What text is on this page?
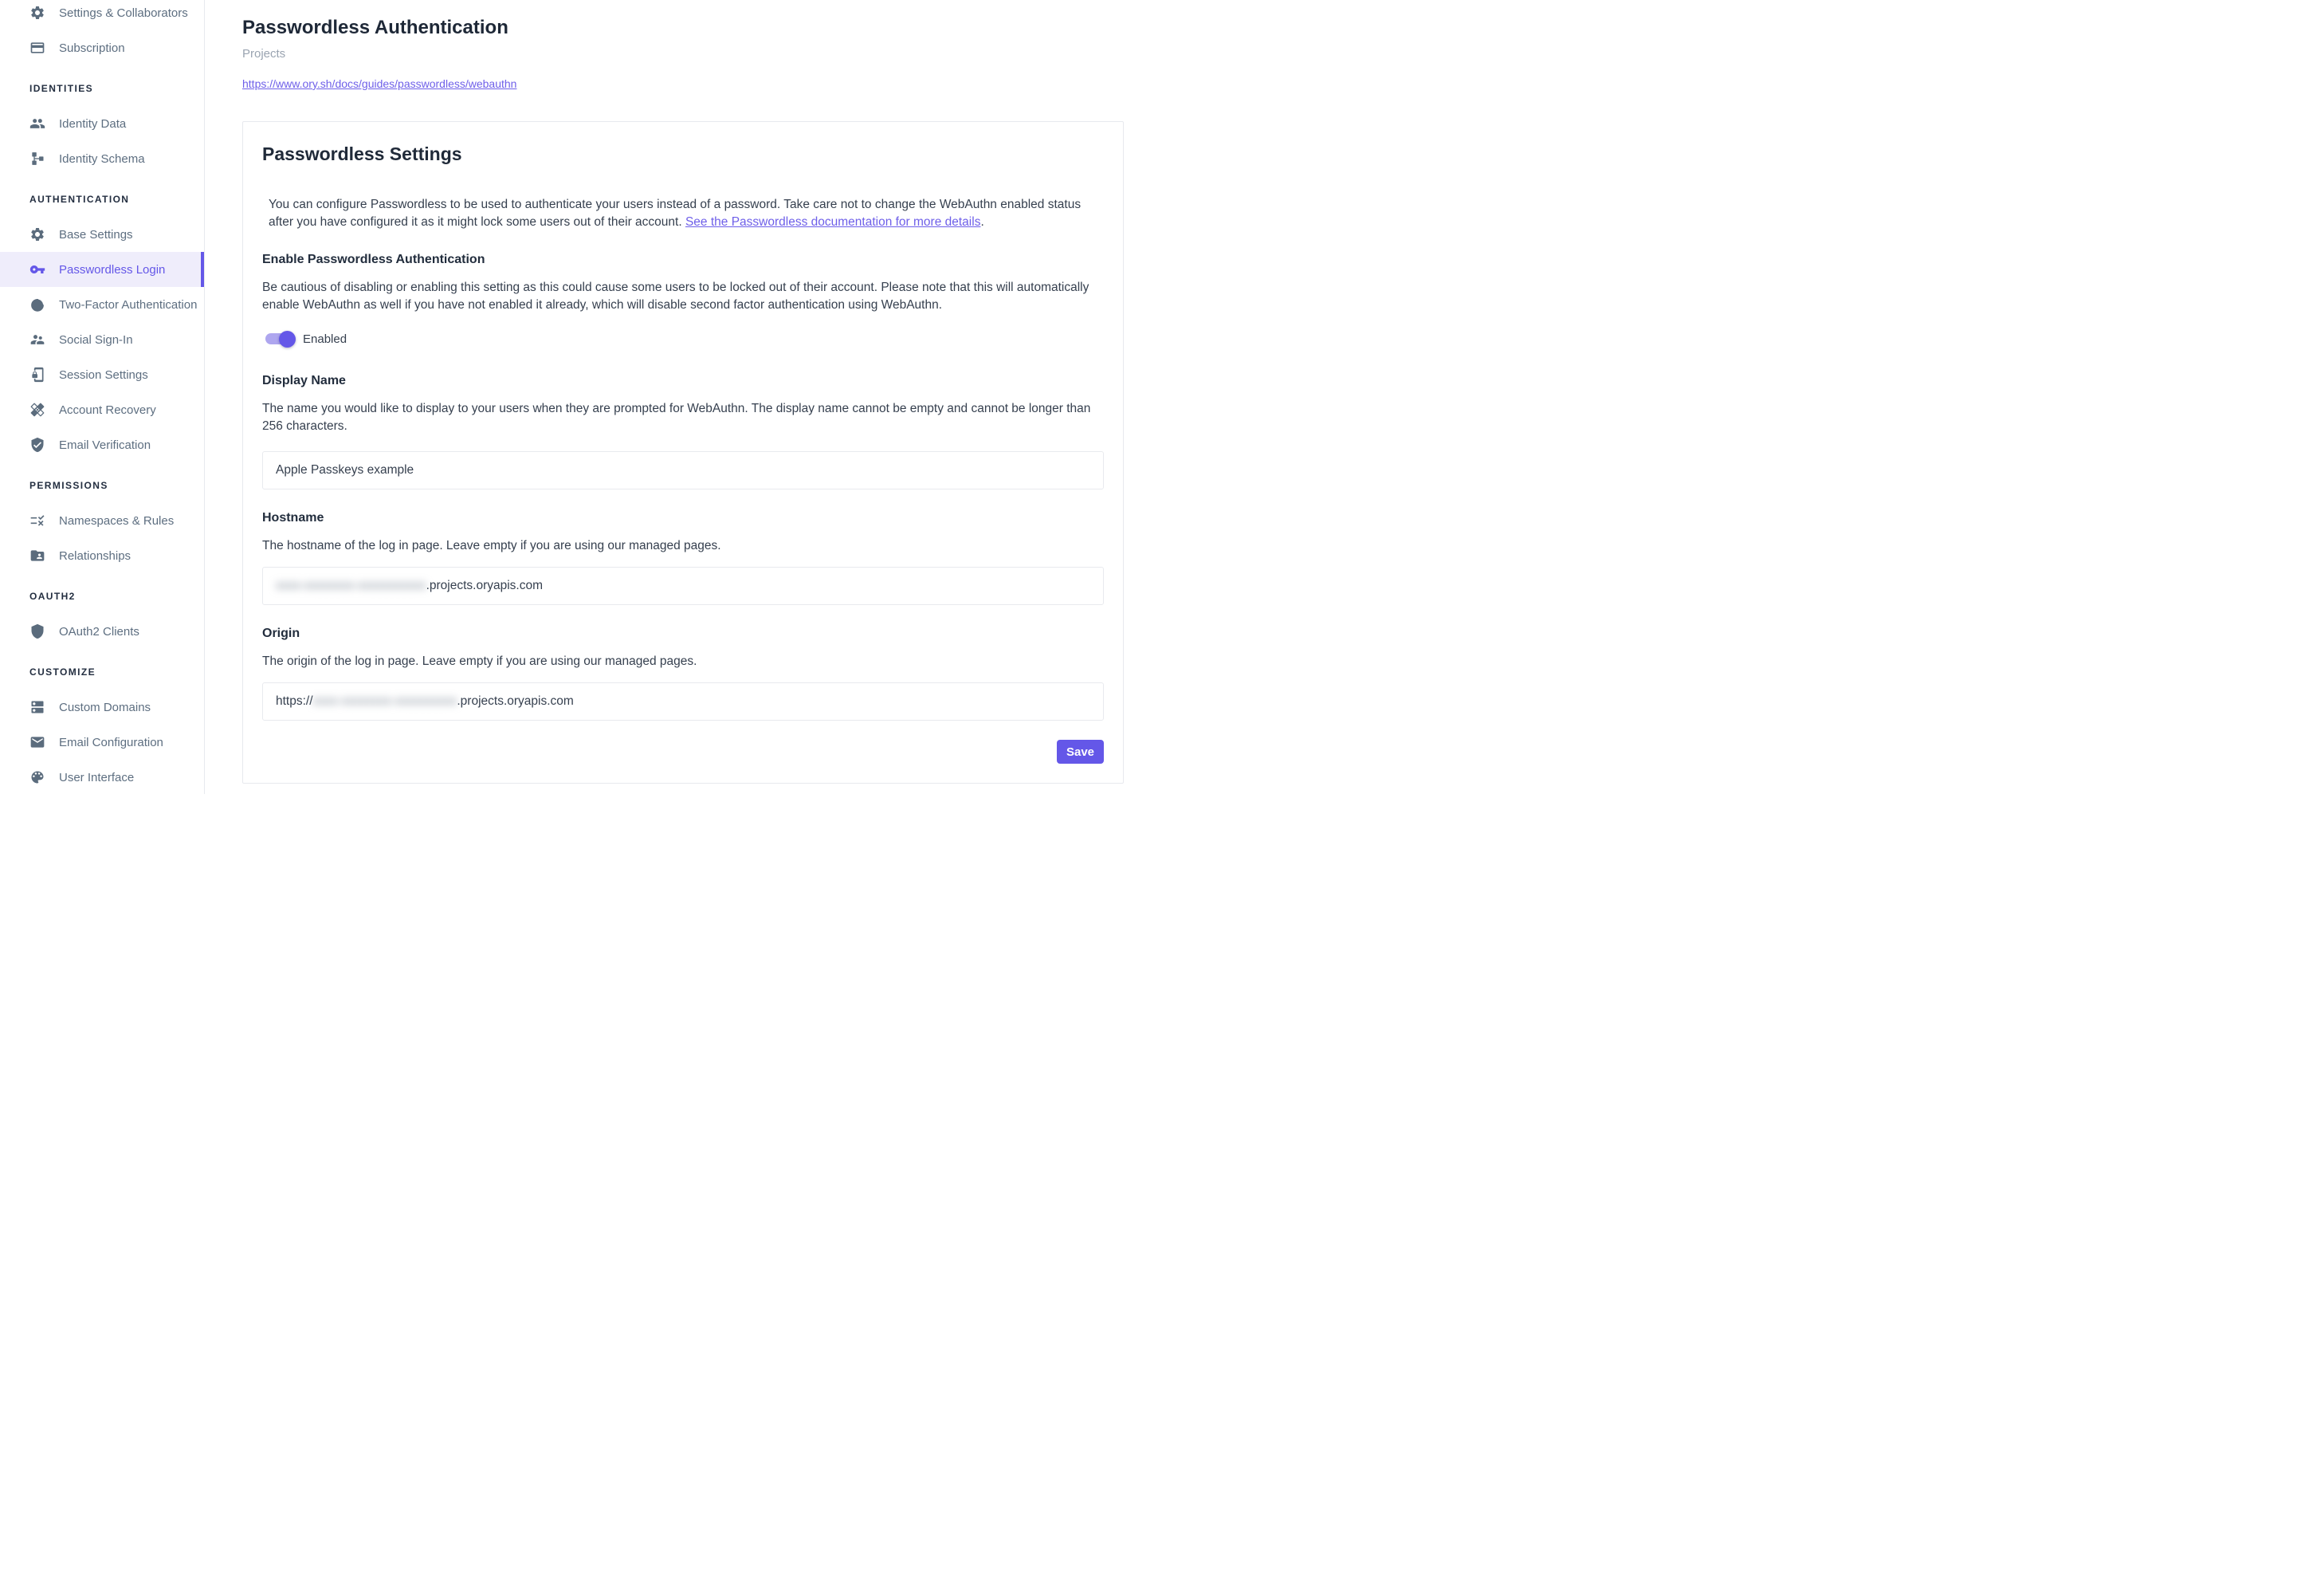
Settings & Collaborators
Subscription
IDENTITIES
Identity Data
Identity Schema
AUTHENTICATION
Base Settings
Passwordless Login
Two-Factor Authentication
Social Sign-In
Session Settings
Account Recovery
Email Verification
PERMISSIONS
Namespaces & Rules
Relationships
OAUTH2
OAuth2 Clients
CUSTOMIZE
Custom Domains
Email Configuration
User Interface
Passwordless Authentication
Projects
https://www.ory.sh/docs/guides/passwordless/webauthn
Passwordless Settings

You can configure Passwordless to be used to authenticate your users instead of a password. Take care not to change the WebAuthn enabled status after you have configured it as it might lock some users out of their account. See the Passwordless documentation for more details.

Enable Passwordless Authentication

Be cautious of disabling or enabling this setting as this could cause some users to be locked out of their account. Please note that this will automatically enable WebAuthn as well if you have not enabled it already, which will disable second factor authentication using WebAuthn.

Enabled
Display Name

The name you would like to display to your users when they are prompted for WebAuthn. The display name cannot be empty and cannot be longer than 256 characters.

Apple Passkeys example
Hostname

The hostname of the log in page. Leave empty if you are using our managed pages.

xxxx-xxxxxxxx-xxxxxxxxxxx .projects.oryapis.com
Origin

The origin of the log in page. Leave empty if you are using our managed pages.

https:// xxxx-xxxxxxxx-xxxxxxxxxx .projects.oryapis.com
Save
